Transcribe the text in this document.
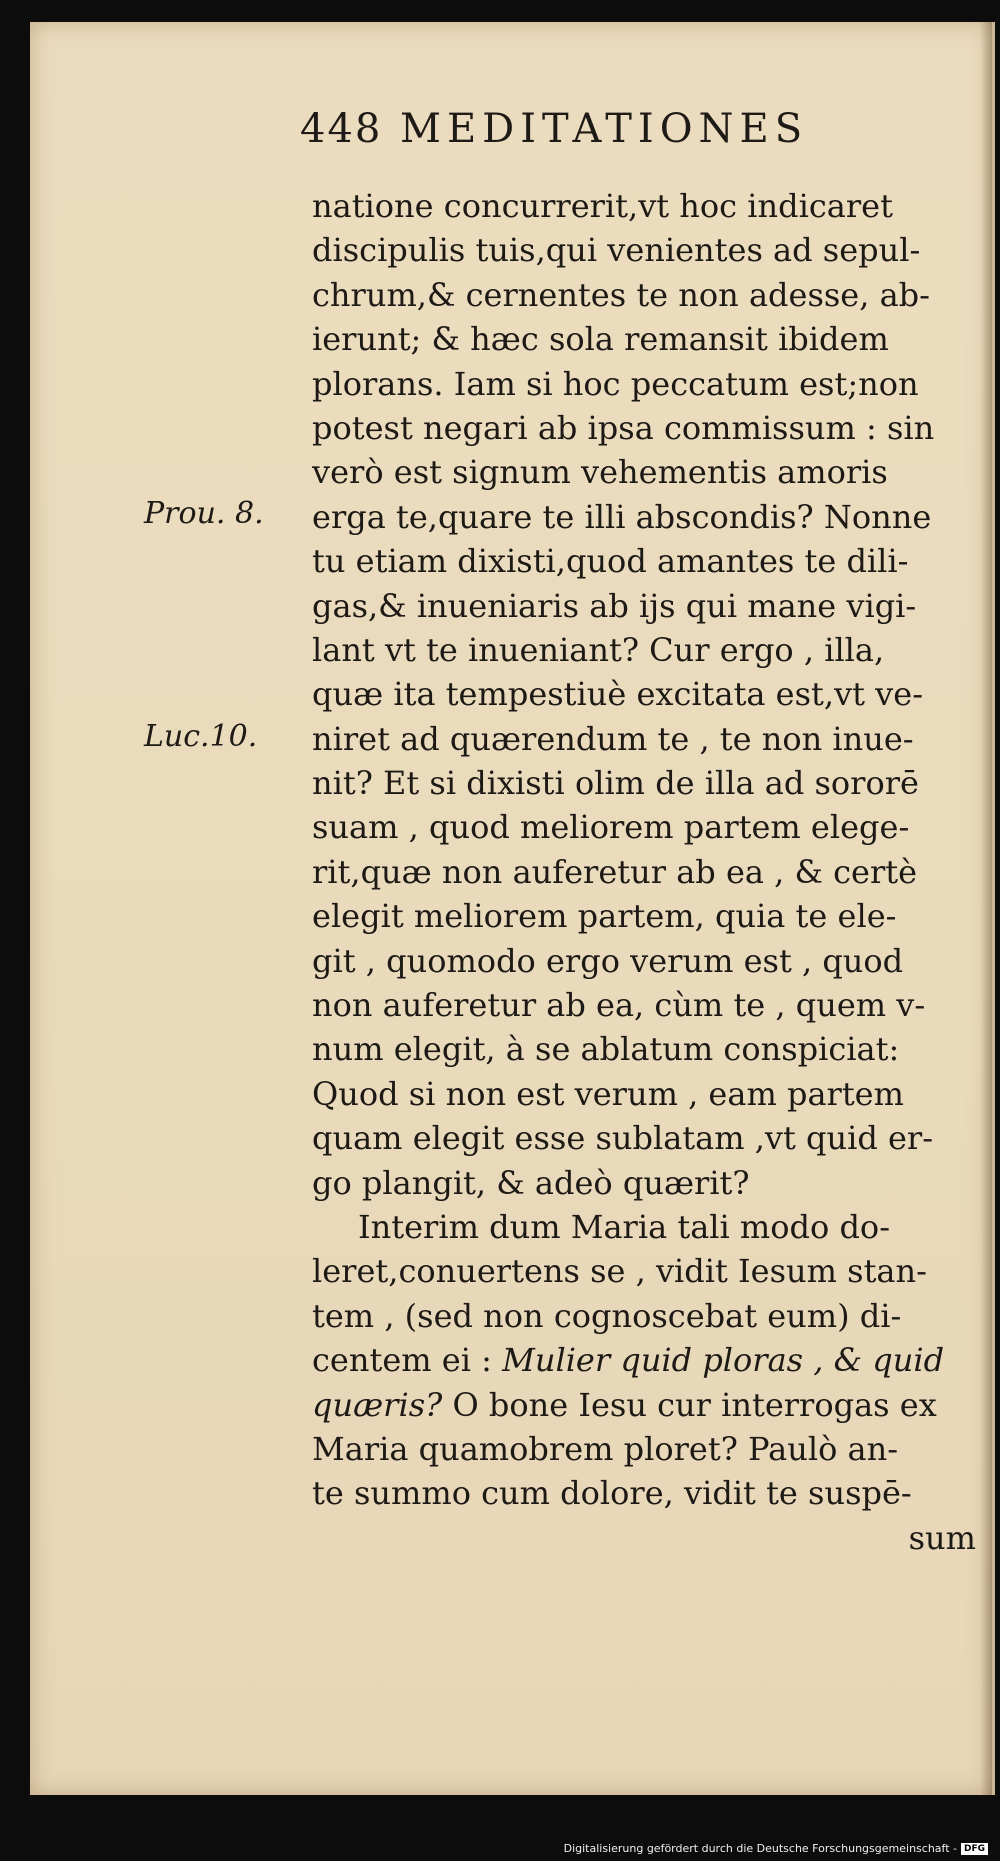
448 MEDITATIONES
Prou. 8.
Luc.10.
natione concurrerit,vt hoc indicaret
discipulis tuis,qui venientes ad sepul-
chrum,& cernentes te non adesse, ab-
ierunt; & hæc sola remansit ibidem
plorans. Iam si hoc peccatum est;non
potest negari ab ipsa commissum : sin
verò est signum vehementis amoris
erga te,quare te illi abscondis? Nonne
tu etiam dixisti,quod amantes te dili-
gas,& inueniaris ab ijs qui mane vigi-
lant vt te inueniant? Cur ergo , illa,
quæ ita tempestiuè excitata est,vt ve-
niret ad quærendum te , te non inue-
nit? Et si dixisti olim de illa ad sororē
suam , quod meliorem partem elege-
rit,quæ non auferetur ab ea , & certè
elegit meliorem partem, quia te ele-
git , quomodo ergo verum est , quod
non auferetur ab ea, cùm te , quem v-
num elegit, à se ablatum conspiciat:
Quod si non est verum , eam partem
quam elegit esse sublatam ,vt quid er-
go plangit, & adeò quærit?
Interim dum Maria tali modo do-
leret,conuertens se , vidit Iesum stan-
tem , (sed non cognoscebat eum) di-
centem ei : Mulier quid ploras , & quid
quæris? O bone Iesu cur interrogas ex
Maria quamobrem ploret? Paulò an-
te summo cum dolore, vidit te suspē-
sum
Digitalisierung gefördert durch die Deutsche Forschungsgemeinschaft - DFG
